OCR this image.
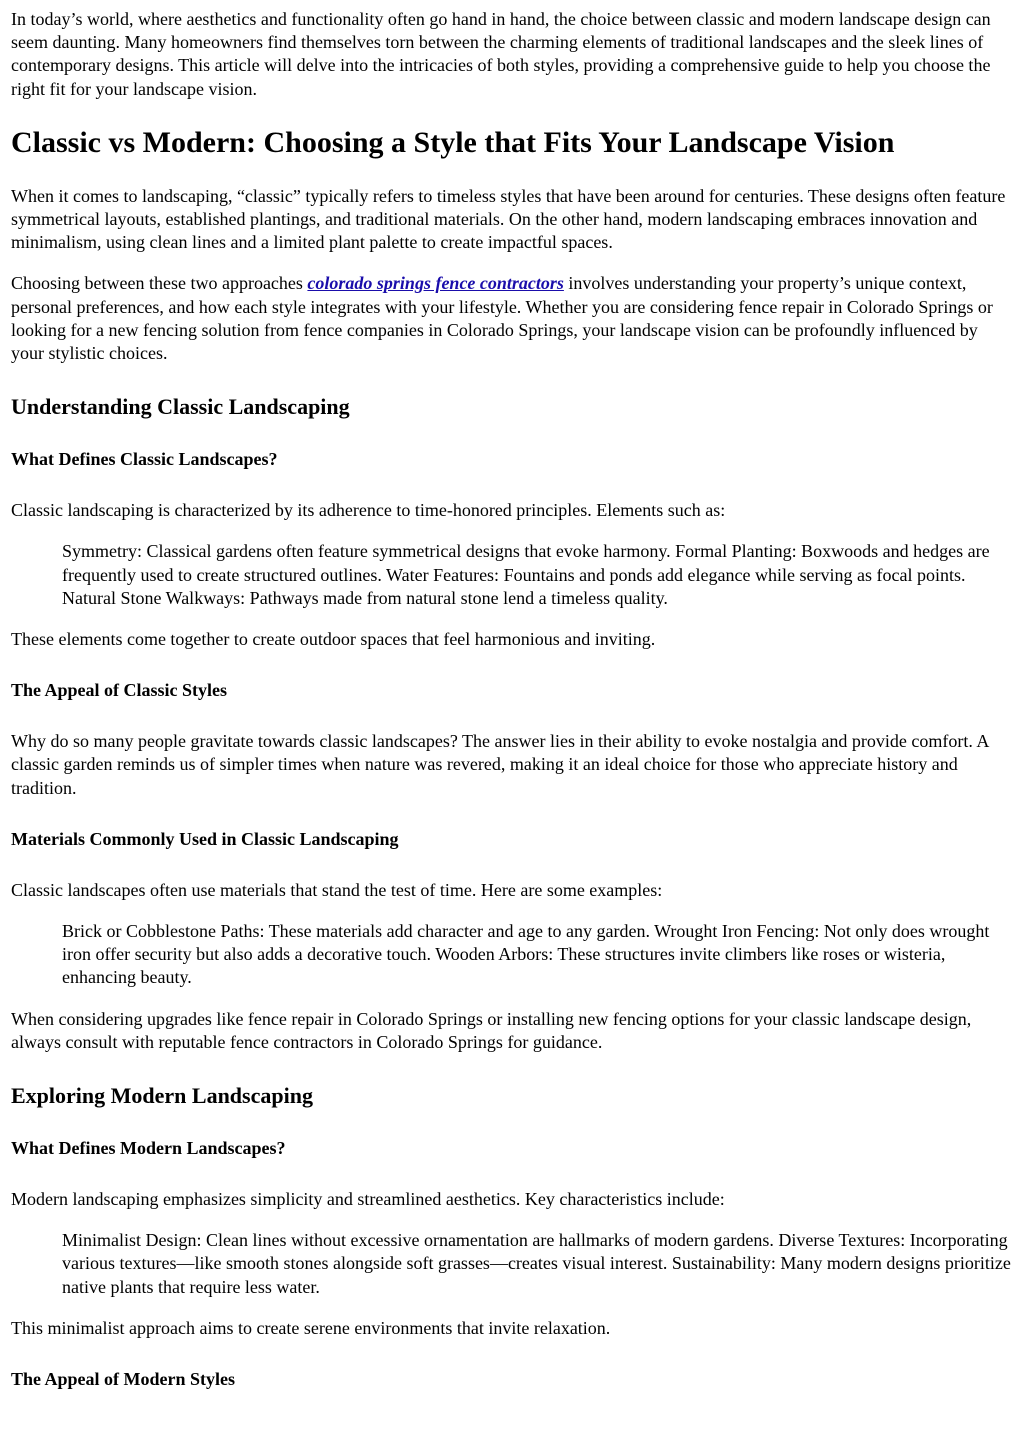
In today’s world, where aesthetics and functionality often go hand in hand, the choice between classic and modern landscape design can seem daunting. Many homeowners find themselves torn between the charming elements of traditional landscapes and the sleek lines of contemporary designs. This article will delve into the intricacies of both styles, providing a comprehensive guide to help you choose the right fit for your landscape vision.

Classic vs Modern: Choosing a Style that Fits Your Landscape Vision

When it comes to landscaping, “classic” typically refers to timeless styles that have been around for centuries. These designs often feature symmetrical layouts, established plantings, and traditional materials. On the other hand, modern landscaping embraces innovation and minimalism, using clean lines and a limited plant palette to create impactful spaces.

Choosing between these two approaches colorado springs fence contractors involves understanding your property’s unique context, personal preferences, and how each style integrates with your lifestyle. Whether you are considering fence repair in Colorado Springs or looking for a new fencing solution from fence companies in Colorado Springs, your landscape vision can be profoundly influenced by your stylistic choices.

Understanding Classic Landscaping
What Defines Classic Landscapes?

Classic landscaping is characterized by its adherence to time-honored principles. Elements such as:

Symmetry: Classical gardens often feature symmetrical designs that evoke harmony. Formal Planting: Boxwoods and hedges are frequently used to create structured outlines. Water Features: Fountains and ponds add elegance while serving as focal points. Natural Stone Walkways: Pathways made from natural stone lend a timeless quality.

These elements come together to create outdoor spaces that feel harmonious and inviting.

The Appeal of Classic Styles

Why do so many people gravitate towards classic landscapes? The answer lies in their ability to evoke nostalgia and provide comfort. A classic garden reminds us of simpler times when nature was revered, making it an ideal choice for those who appreciate history and tradition.

Materials Commonly Used in Classic Landscaping

Classic landscapes often use materials that stand the test of time. Here are some examples:

Brick or Cobblestone Paths: These materials add character and age to any garden. Wrought Iron Fencing: Not only does wrought iron offer security but also adds a decorative touch. Wooden Arbors: These structures invite climbers like roses or wisteria, enhancing beauty.

When considering upgrades like fence repair in Colorado Springs or installing new fencing options for your classic landscape design, always consult with reputable fence contractors in Colorado Springs for guidance.

Exploring Modern Landscaping
What Defines Modern Landscapes?

Modern landscaping emphasizes simplicity and streamlined aesthetics. Key characteristics include:

Minimalist Design: Clean lines without excessive ornamentation are hallmarks of modern gardens. Diverse Textures: Incorporating various textures—like smooth stones alongside soft grasses—creates visual interest. Sustainability: Many modern designs prioritize native plants that require less water.

This minimalist approach aims to create serene environments that invite relaxation.

The Appeal of Modern Styles
